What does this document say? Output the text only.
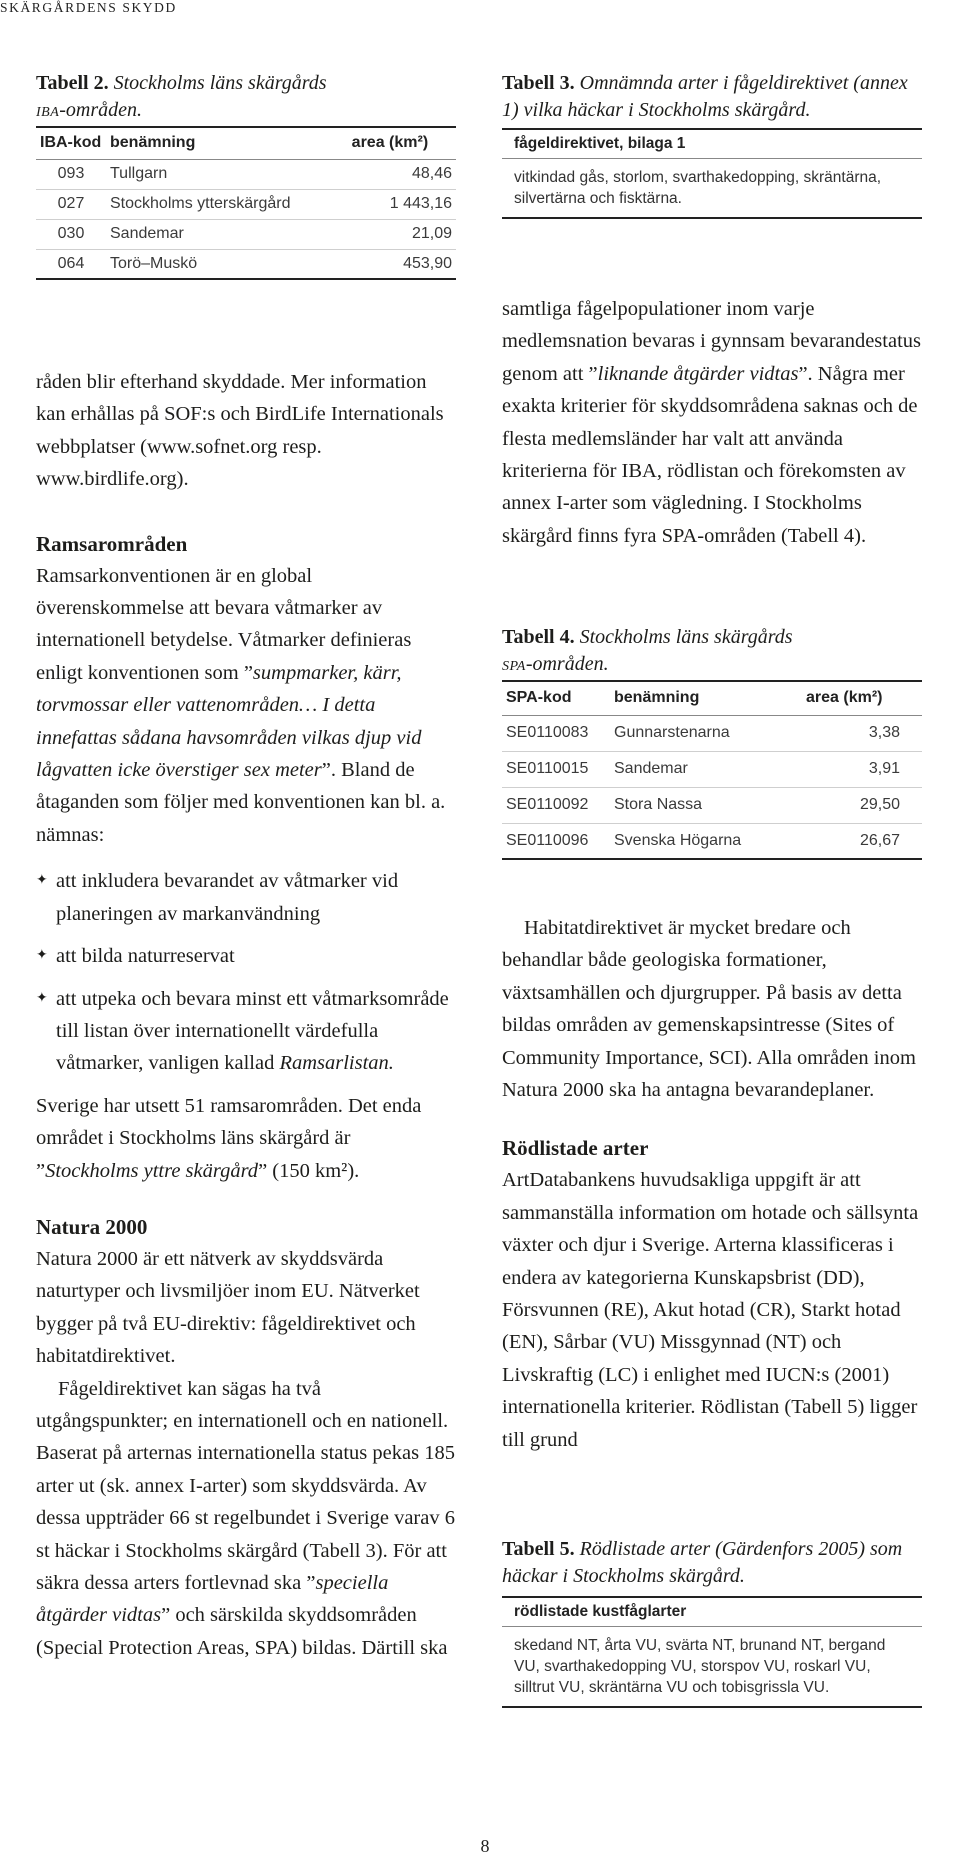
SKÄRGÅRDENS SKYDD

Tabell 2. Stockholms läns skärgårds iba-områden.

IBA-kod	benämning	area (km²)
093	Tullgarn	48,46
027	Stockholms ytterskärgård	1 443,16
030	Sandemar	21,09
064	Torö–Muskö	453,90

råden blir efterhand skyddade. Mer information kan erhållas på SOF:s och BirdLife Internationals webbplatser (www.sofnet.org resp. www.birdlife.org).

Ramsarområden

Ramsarkonventionen är en global överenskommelse att bevara våtmarker av internationell betydelse. Våtmarker definieras enligt konventionen som ”sumpmarker, kärr, torvmossar eller vattenområden… I detta innefattas sådana havsområden vilkas djup vid lågvatten icke överstiger sex meter”. Bland de åtaganden som följer med konventionen kan bl. a. nämnas:

✦ att inkludera bevarandet av våtmarker vid planeringen av markanvändning
✦ att bilda naturreservat
✦ att utpeka och bevara minst ett våtmarksområde till listan över internationellt värdefulla våtmarker, vanligen kallad Ramsarlistan.

Sverige har utsett 51 ramsarområden. Det enda området i Stockholms läns skärgård är ”Stockholms yttre skärgård” (150 km²).

Natura 2000

Natura 2000 är ett nätverk av skyddsvärda naturtyper och livsmiljöer inom EU. Nätverket bygger på två EU-direktiv: fågeldirektivet och habitatdirektivet.

Fågeldirektivet kan sägas ha två utgångspunkter; en internationell och en nationell. Baserat på arternas internationella status pekas 185 arter ut (sk. annex I-arter) som skyddsvärda. Av dessa uppträder 66 st regelbundet i Sverige varav 6 st häckar i Stockholms skärgård (Tabell 3). För att säkra dessa arters fortlevnad ska ”speciella åtgärder vidtas” och särskilda skyddsområden (Special Protection Areas, SPA) bildas. Därtill ska

Tabell 3. Omnämnda arter i fågeldirektivet (annex 1) vilka häckar i Stockholms skärgård.

fågeldirektivet, bilaga 1
vitkindad gås, storlom, svarthakedopping, skräntärna, silvertärna och fisktärna.

samtliga fågelpopulationer inom varje medlemsnation bevaras i gynnsam bevarandestatus genom att ”liknande åtgärder vidtas”. Några mer exakta kriterier för skyddsområdena saknas och de flesta medlemsländer har valt att använda kriterierna för IBA, rödlistan och förekomsten av annex I-arter som vägledning. I Stockholms skärgård finns fyra SPA-områden (Tabell 4).

Tabell 4. Stockholms läns skärgårds spa-områden.

SPA-kod	benämning	area (km²)
SE0110083	Gunnarstenarna	3,38
SE0110015	Sandemar	3,91
SE0110092	Stora Nassa	29,50
SE0110096	Svenska Högarna	26,67

Habitatdirektivet är mycket bredare och behandlar både geologiska formationer, växtsamhällen och djurgrupper. På basis av detta bildas områden av gemenskapsintresse (Sites of Community Importance, SCI). Alla områden inom Natura 2000 ska ha antagna bevarandeplaner.

Rödlistade arter

ArtDatabankens huvudsakliga uppgift är att sammanställa information om hotade och sällsynta växter och djur i Sverige. Arterna klassificeras i endera av kategorierna Kunskapsbrist (DD), Försvunnen (RE), Akut hotad (CR), Starkt hotad (EN), Sårbar (VU) Missgynnad (NT) och Livskraftig (LC) i enlighet med IUCN:s (2001) internationella kriterier. Rödlistan (Tabell 5) ligger till grund

Tabell 5. Rödlistade arter (Gärdenfors 2005) som häckar i Stockholms skärgård.

rödlistade kustfåglarter
skedand NT, årta VU, svärta NT, brunand NT, bergand VU, svarthakedopping VU, storspov VU, roskarl VU, silltrut VU, skräntärna VU och tobisgrissla VU.
8
